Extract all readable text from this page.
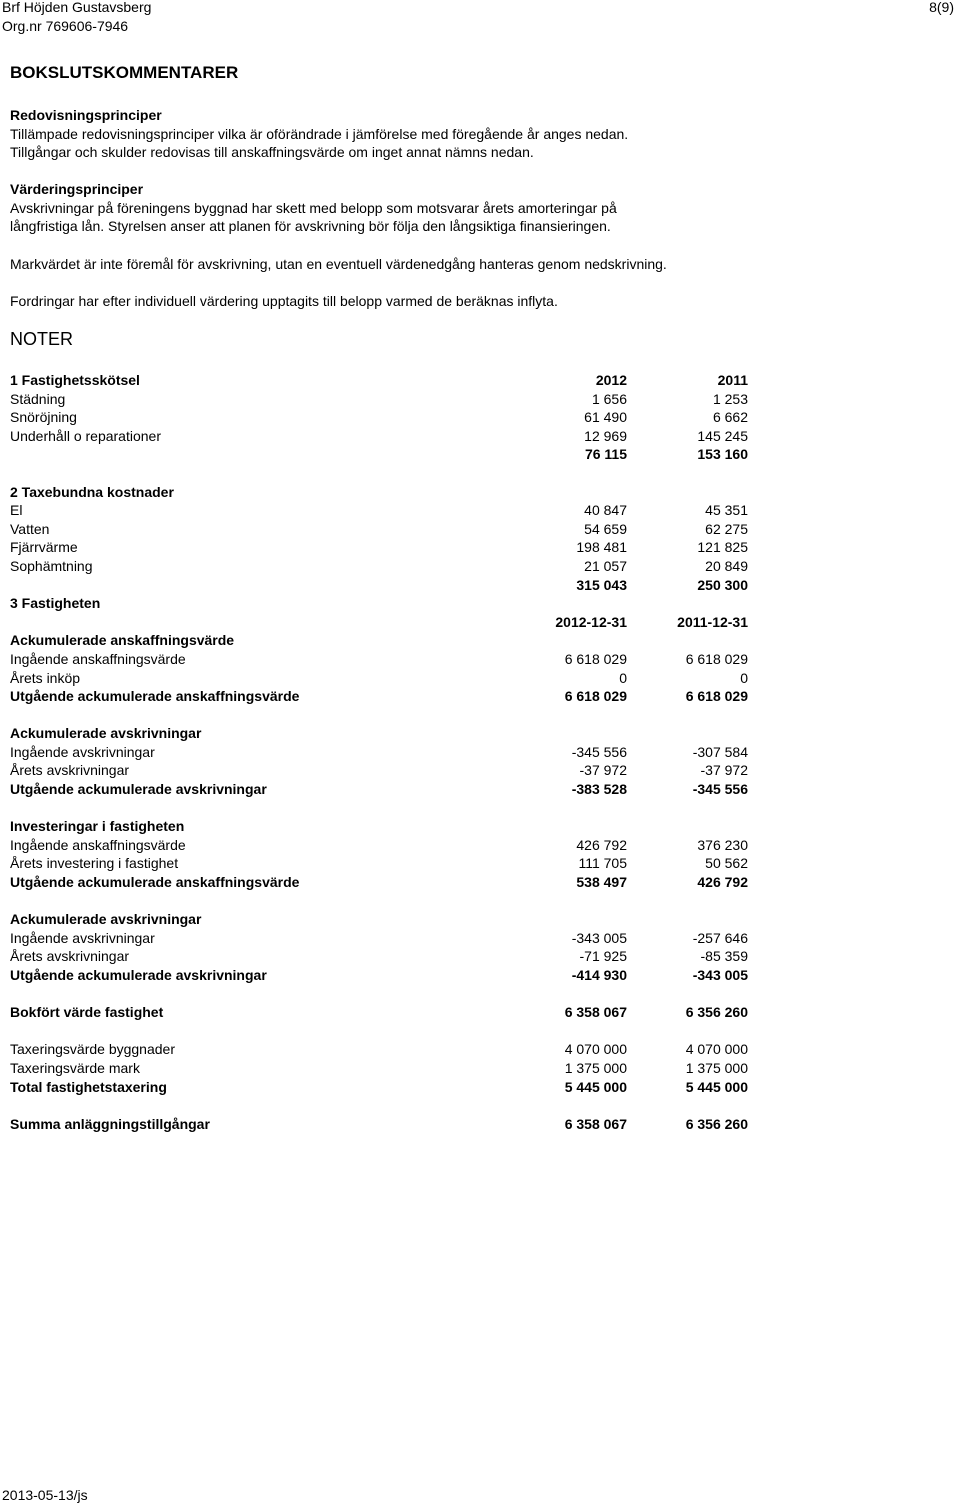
Brf Höjden Gustavsberg
Org.nr 769606-7946
8(9)
BOKSLUTSKOMMENTARER
Redovisningsprinciper
Tillämpade redovisningsprinciper vilka är oförändrade i jämförelse med föregående år anges nedan.
Tillgångar och skulder redovisas till anskaffningsvärde om inget annat nämns nedan.
Värderingsprinciper
Avskrivningar på föreningens byggnad har skett med belopp som motsvarar årets amorteringar på
långfristiga lån. Styrelsen anser att planen för avskrivning bör följa den långsiktiga finansieringen.
Markvärdet är inte föremål för avskrivning, utan en eventuell värdenedgång hanteras genom nedskrivning.
Fordringar har efter individuell värdering upptagits till belopp varmed de beräknas inflyta.
NOTER
1 Fastighetsskötsel	2012	2011
Städning	1 656	1 253
Snöröjning	61 490	6 662
Underhåll o reparationer	12 969	145 245
76 115	153 160
2 Taxebundna kostnader
El	40 847	45 351
Vatten	54 659	62 275
Fjärrvärme	198 481	121 825
Sophämtning	21 057	20 849
315 043	250 300
3 Fastigheten
2012-12-31	2011-12-31
Ackumulerade anskaffningsvärde
Ingående anskaffningsvärde	6 618 029	6 618 029
Årets inköp	0	0
Utgående ackumulerade anskaffningsvärde	6 618 029	6 618 029
Ackumulerade avskrivningar
Ingående avskrivningar	-345 556	-307 584
Årets avskrivningar	-37 972	-37 972
Utgående ackumulerade avskrivningar	-383 528	-345 556
Investeringar i fastigheten
Ingående anskaffningsvärde	426 792	376 230
Årets investering i fastighet	111 705	50 562
Utgående ackumulerade anskaffningsvärde	538 497	426 792
Ackumulerade avskrivningar
Ingående avskrivningar	-343 005	-257 646
Årets avskrivningar	-71 925	-85 359
Utgående ackumulerade avskrivningar	-414 930	-343 005
Bokfört värde fastighet	6 358 067	6 356 260
Taxeringsvärde byggnader	4 070 000	4 070 000
Taxeringsvärde mark	1 375 000	1 375 000
Total fastighetstaxering	5 445 000	5 445 000
Summa anläggningstillgångar	6 358 067	6 356 260
2013-05-13/js
